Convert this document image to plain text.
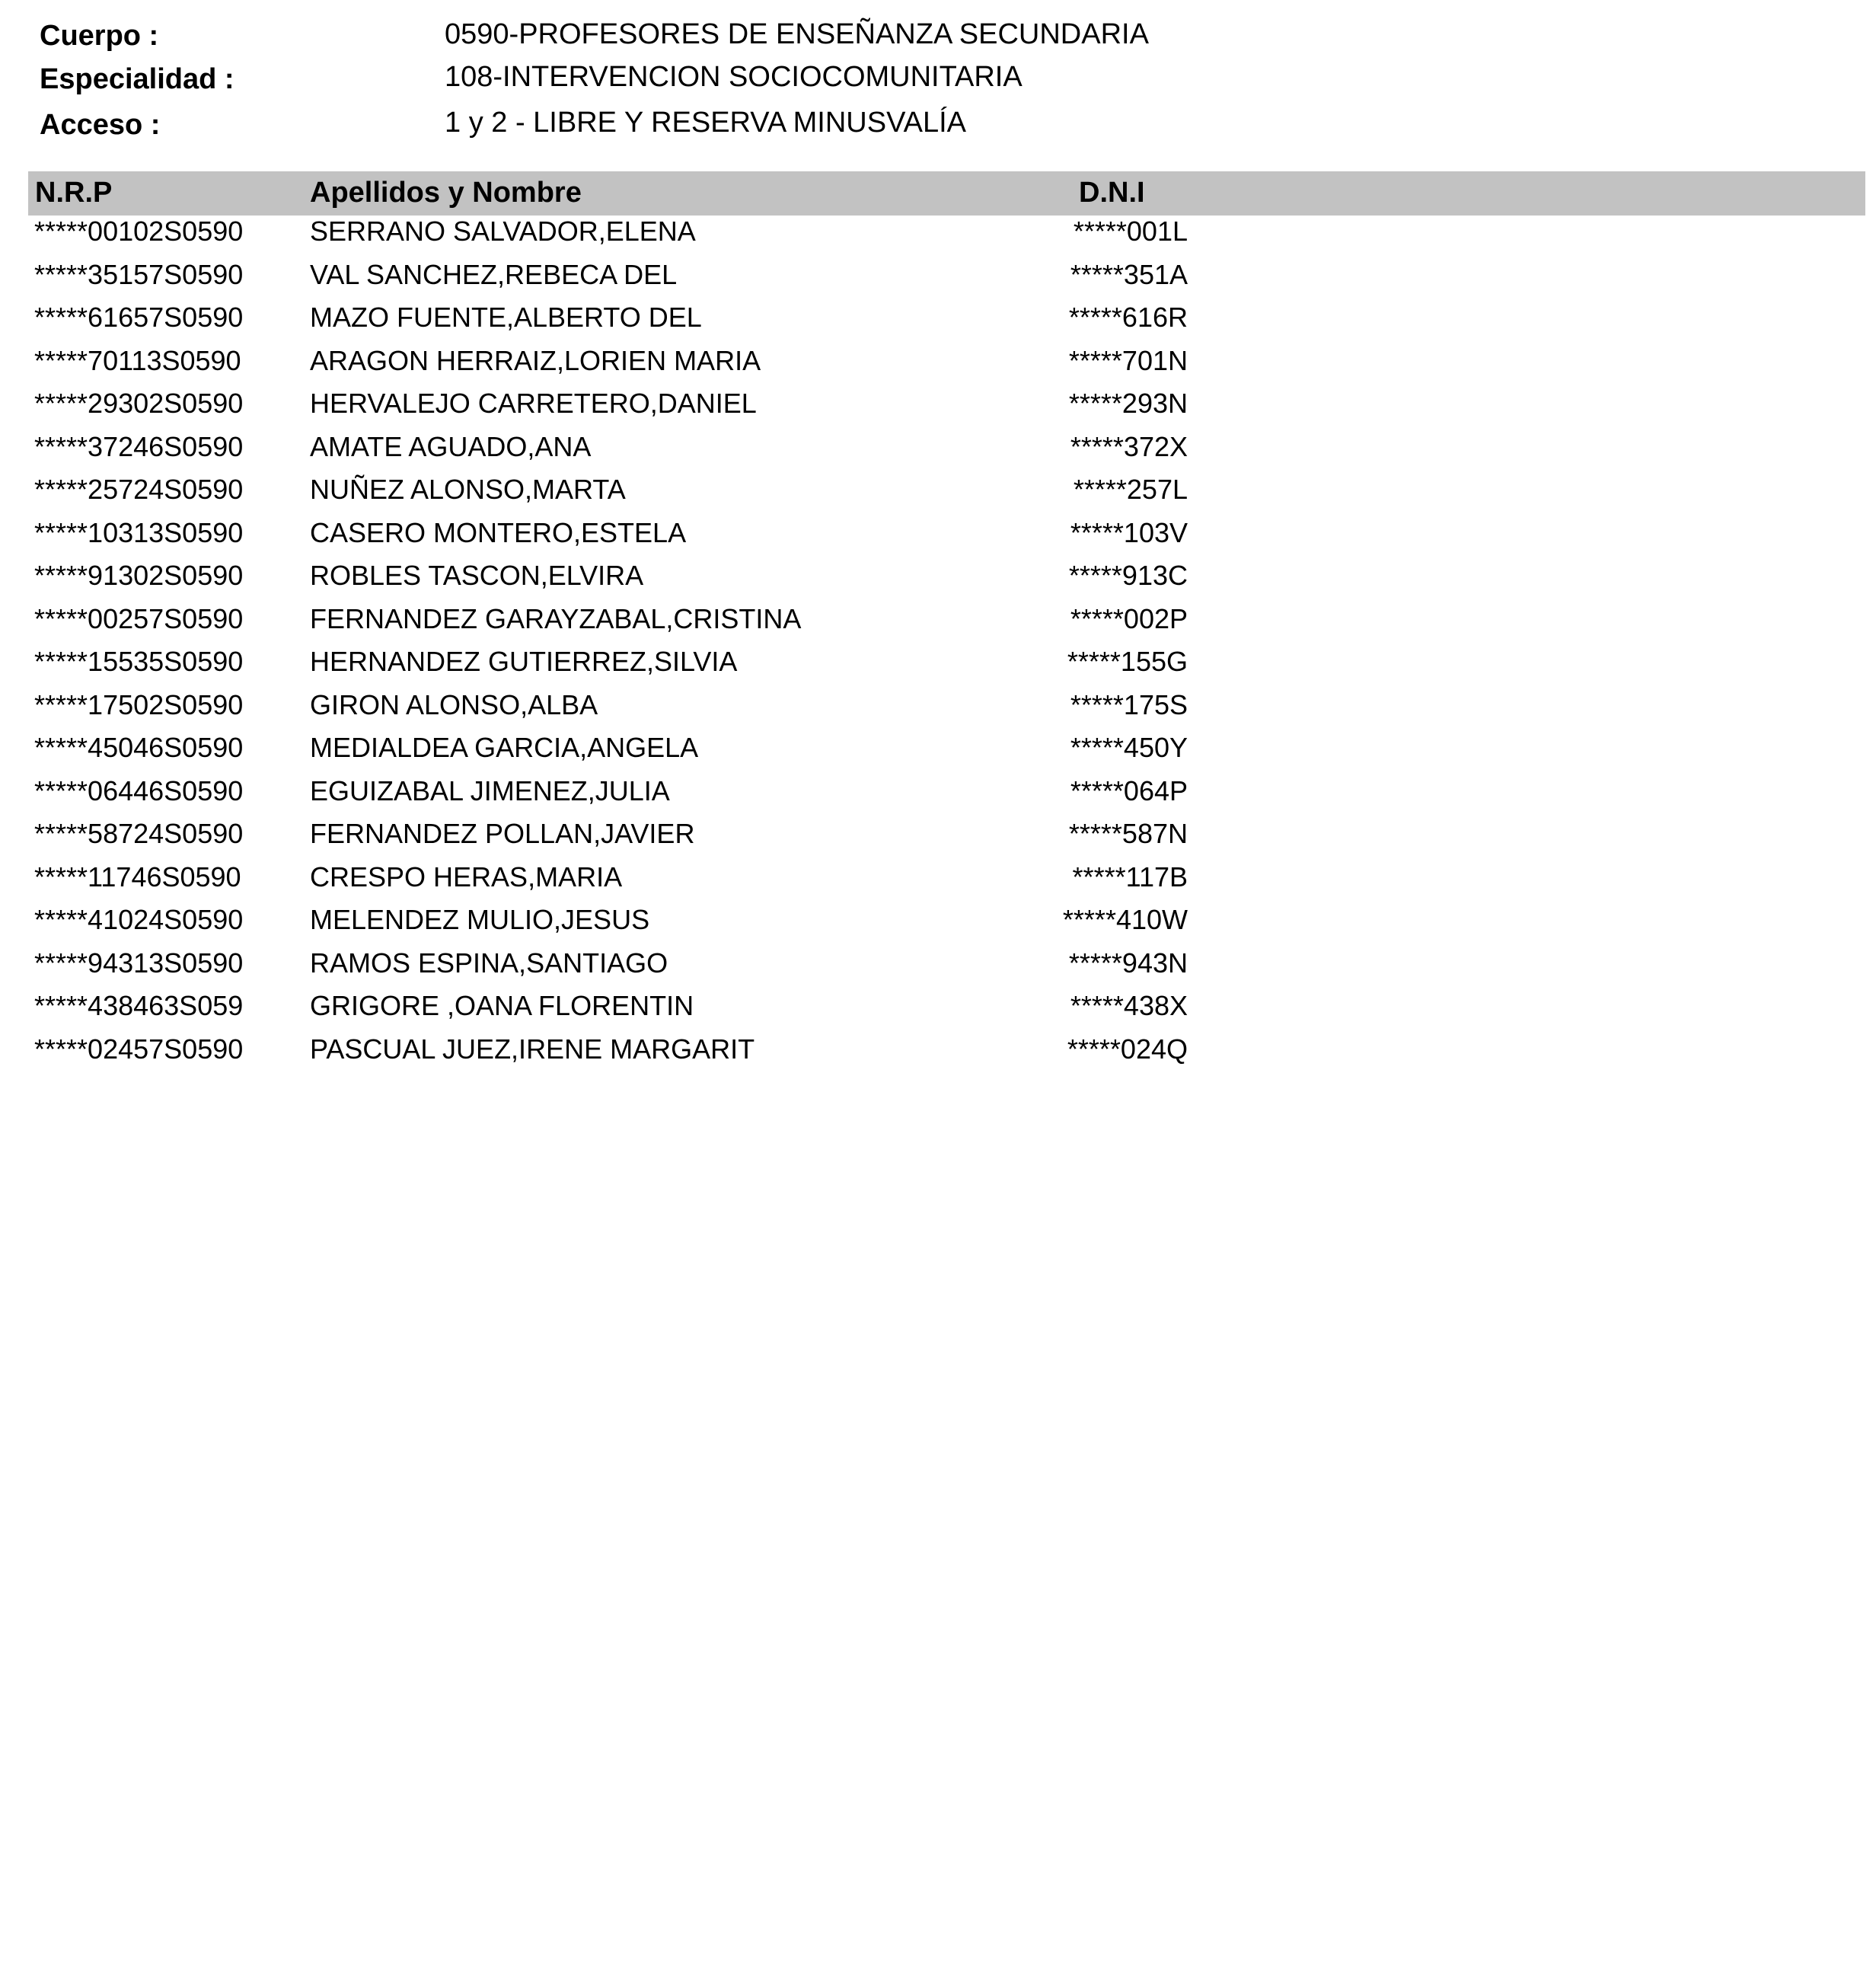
Cuerpo :	0590-PROFESORES DE ENSEÑANZA SECUNDARIA
Especialidad :	108-INTERVENCION SOCIOCOMUNITARIA
Acceso :	1 y 2 - LIBRE Y RESERVA MINUSVALÍA
N.R.P	Apellidos y Nombre	D.N.I
*****00102S0590 SERRANO SALVADOR,ELENA	*****001L
*****35157S0590 VAL SANCHEZ,REBECA DEL	*****351A
*****61657S0590 MAZO FUENTE,ALBERTO DEL	*****616R
*****70113S0590	ARAGON HERRAIZ,LORIEN MARIA	*****701N
*****29302S0590 HERVALEJO CARRETERO,DANIEL	*****293N
*****37246S0590 AMATE AGUADO,ANA	*****372X
*****25724S0590 NUÑEZ ALONSO,MARTA	*****257L
*****10313S0590 CASERO MONTERO,ESTELA	*****103V
*****91302S0590 ROBLES TASCON,ELVIRA	*****913C
*****00257S0590 FERNANDEZ GARAYZABAL,CRISTINA	*****002P
*****15535S0590 HERNANDEZ GUTIERREZ,SILVIA	*****155G
*****17502S0590 GIRON ALONSO,ALBA	*****175S
*****45046S0590 MEDIALDEA GARCIA,ANGELA	*****450Y
*****06446S0590 EGUIZABAL JIMENEZ,JULIA	*****064P
*****58724S0590 FERNANDEZ POLLAN,JAVIER	*****587N
*****11746S0590	CRESPO HERAS,MARIA	*****117B
*****41024S0590 MELENDEZ MULIO,JESUS	*****410W
*****94313S0590 RAMOS ESPINA,SANTIAGO	*****943N
*****438463S059 GRIGORE ,OANA FLORENTIN	*****438X
*****02457S0590 PASCUAL JUEZ,IRENE MARGARIT	*****024Q
